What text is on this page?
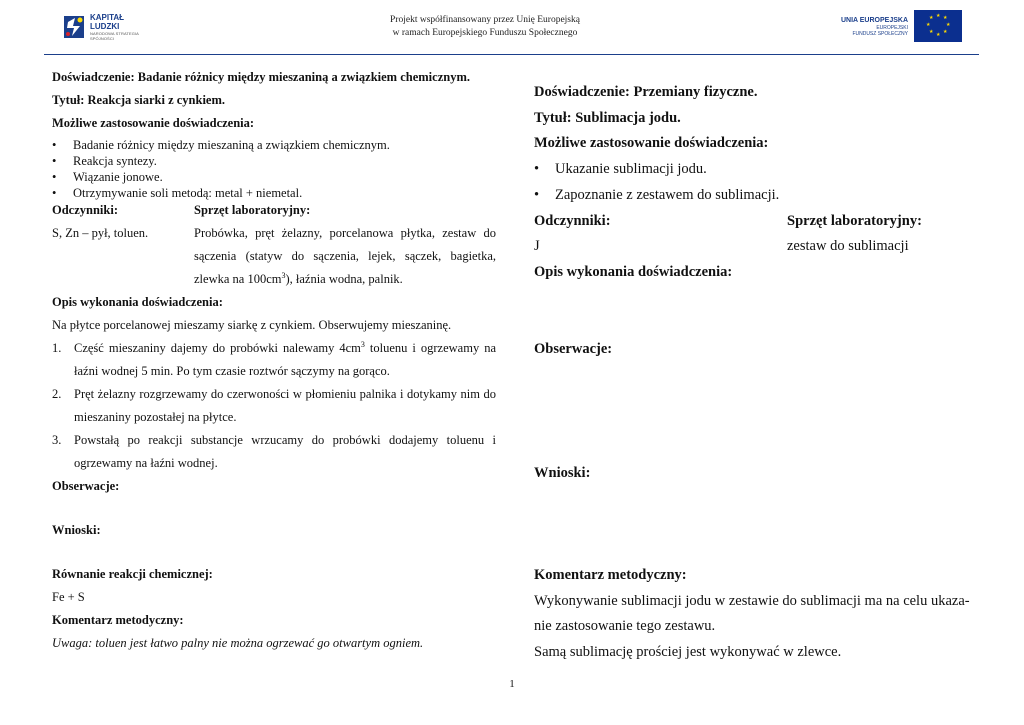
KAPITAŁ LUDZKI
NARODOWA STRATEGIA SPÓJNOŚCI
Projekt współfinansowany przez Unię Europejską
w ramach Europejskiego Funduszu Społecznego
UNIA EUROPEJSKA
EUROPEJSKI
FUNDUSZ SPOŁECZNY
★ ★
★
★
★
★
★
★
Doświadczenie: Badanie różnicy między mieszaniną a związkiem chemicznym.
Tytuł: Reakcja siarki z cynkiem.
Możliwe zastosowanie doświadczenia:
• Badanie różnicy między mieszaniną a związkiem chemicznym.
• Reakcja syntezy.
• Wiązanie jonowe.
• Otrzymywanie soli metodą: metal + niemetal.
Odczynniki:
S, Zn – pył, toluen.
Sprzęt laboratoryjny:
Probówka, pręt żelazny, porcelanowa płytka, zestaw do sączenia (statyw do sączenia, lejek, sączek, bagietka, zlewka na $100cm^3$), łaźnia wodna, palnik.
Opis wykonania doświadczenia:
Na płytce porcelanowej mieszamy siarkę z cynkiem. Obserwujemy mieszaninę.
1. Część mieszaniny dajemy do probówki nalewamy $4cm^3$ toluenu i ogrzewamy na łaźni wodnej 5 min. Po tym czasie roztwór sączymy na gorąco.
2. Pręt żelazny rozgrzewamy do czerwoności w płomieniu palnika i dotykamy nim do mieszaniny pozostałej na płytce.
3. Powstałą po reakcji substancje wrzucamy do probówki dodajemy toluenu i ogrzewamy na łaźni wodnej.
Obserwacje:
Wnioski:
Równanie reakcji chemicznej:
Fe + S
Komentarz metodyczny:
Uwaga: toluen jest łatwo palny nie można ogrzewać go otwartym ogniem.
Doświadczenie: Przemiany fizyczne.
Tytuł: Sublimacja jodu.
Możliwe zastosowanie doświadczenia:
• Ukazanie sublimacji jodu.
• Zapoznanie z zestawem do sublimacji.
Odczynniki:
J
Sprzęt laboratoryjny:
zestaw do sublimacji
Opis wykonania doświadczenia:
Obserwacje:
Wnioski:
Komentarz metodyczny:
Wykonywanie sublimacji jodu w zestawie do sublimacji ma na celu ukaza-
nie zastosowanie tego zestawu.
Samą sublimację prościej jest wykonywać w zlewce.
1
